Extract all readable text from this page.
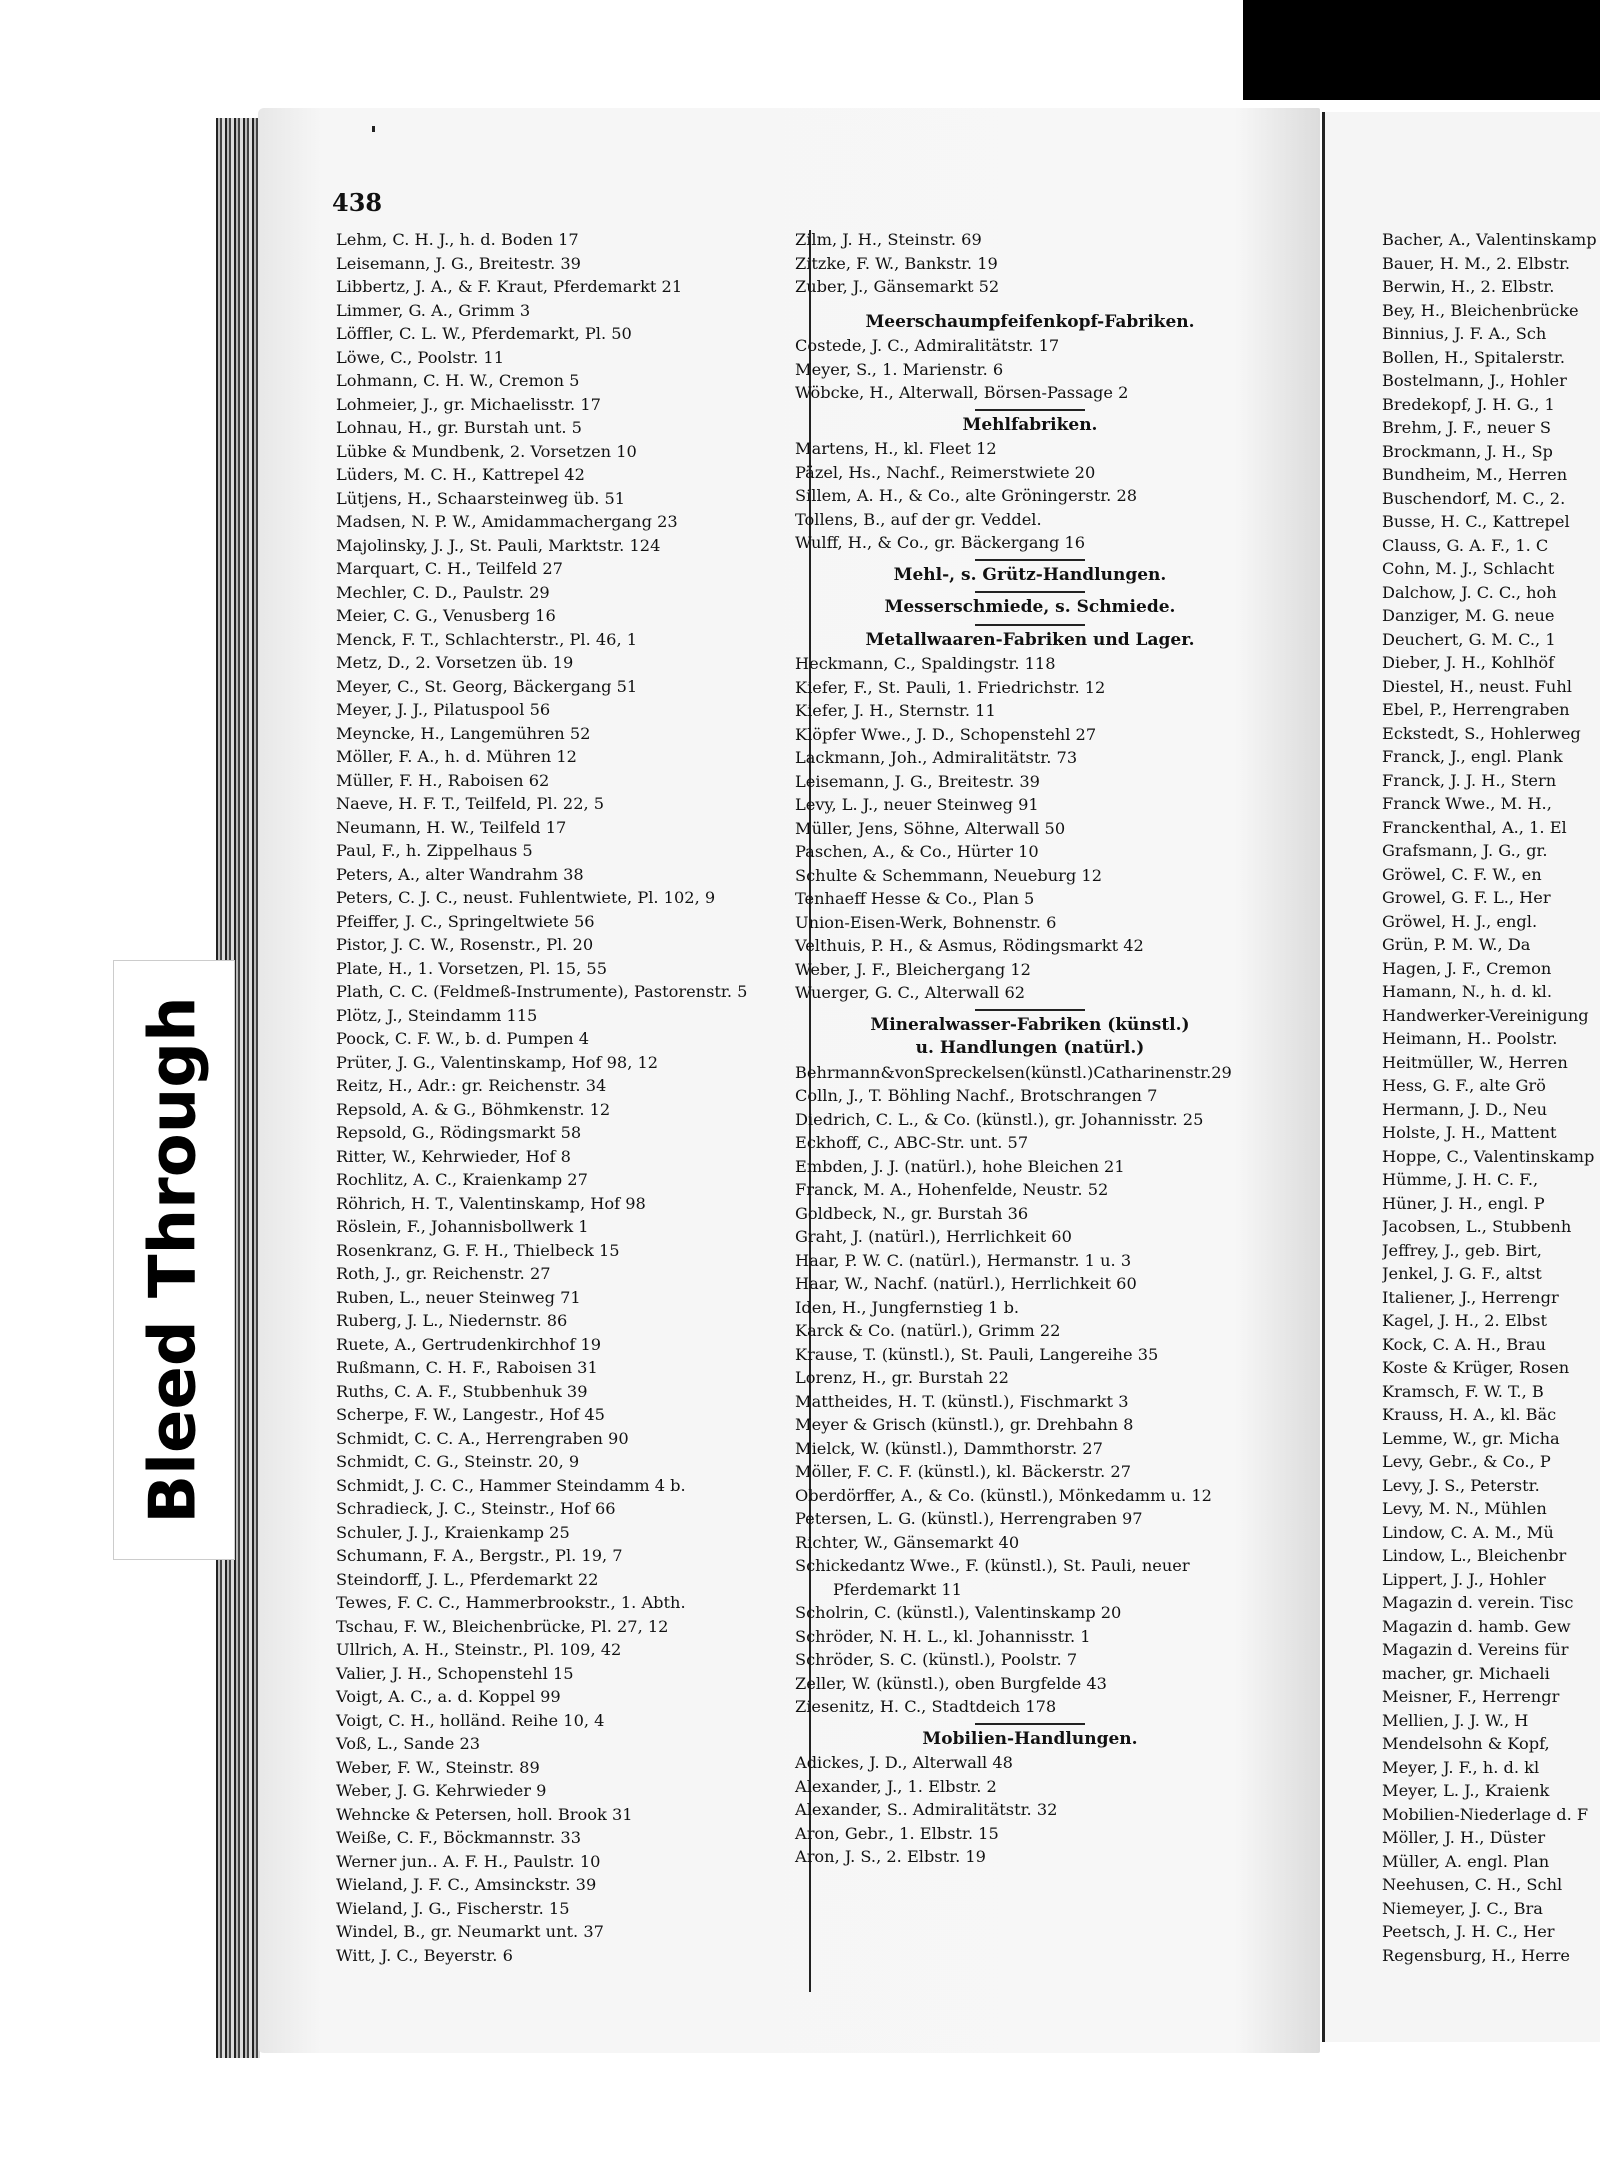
438
Lehm, C. H. J., h. d. Boden 17
Leisemann, J. G., Breitestr. 39
Libbertz, J. A., & F. Kraut, Pferdemarkt 21
Limmer, G. A., Grimm 3
Löffler, C. L. W., Pferdemarkt, Pl. 50
Löwe, C., Poolstr. 11
Lohmann, C. H. W., Cremon 5
Lohmeier, J., gr. Michaelisstr. 17
Lohnau, H., gr. Burstah unt. 5
Lübke & Mundbenk, 2. Vorsetzen 10
Lüders, M. C. H., Kattrepel 42
Lütjens, H., Schaarsteinweg üb. 51
Madsen, N. P. W., Amidammachergang 23
Majolinsky, J. J., St. Pauli, Marktstr. 124
Marquart, C. H., Teilfeld 27
Mechler, C. D., Paulstr. 29
Meier, C. G., Venusberg 16
Menck, F. T., Schlachterstr., Pl. 46, 1
Metz, D., 2. Vorsetzen üb. 19
Meyer, C., St. Georg, Bäckergang 51
Meyer, J. J., Pilatuspool 56
Meyncke, H., Langemühren 52
Möller, F. A., h. d. Mühren 12
Müller, F. H., Raboisen 62
Naeve, H. F. T., Teilfeld, Pl. 22, 5
Neumann, H. W., Teilfeld 17
Paul, F., h. Zippelhaus 5
Peters, A., alter Wandrahm 38
Peters, C. J. C., neust. Fuhlentwiete, Pl. 102, 9
Pfeiffer, J. C., Springeltwiete 56
Pistor, J. C. W., Rosenstr., Pl. 20
Plate, H., 1. Vorsetzen, Pl. 15, 55
Plath, C. C. (Feldmeß-Instrumente), Pastorenstr. 5
Plötz, J., Steindamm 115
Poock, C. F. W., b. d. Pumpen 4
Prüter, J. G., Valentinskamp, Hof 98, 12
Reitz, H., Adr.: gr. Reichenstr. 34
Repsold, A. & G., Böhmkenstr. 12
Repsold, G., Rödingsmarkt 58
Ritter, W., Kehrwieder, Hof 8
Rochlitz, A. C., Kraienkamp 27
Röhrich, H. T., Valentinskamp, Hof 98
Röslein, F., Johannisbollwerk 1
Rosenkranz, G. F. H., Thielbeck 15
Roth, J., gr. Reichenstr. 27
Ruben, L., neuer Steinweg 71
Ruberg, J. L., Niedernstr. 86
Ruete, A., Gertrudenkirchhof 19
Rußmann, C. H. F., Raboisen 31
Ruths, C. A. F., Stubbenhuk 39
Scherpe, F. W., Langestr., Hof 45
Schmidt, C. C. A., Herrengraben 90
Schmidt, C. G., Steinstr. 20, 9
Schmidt, J. C. C., Hammer Steindamm 4 b.
Schradieck, J. C., Steinstr., Hof 66
Schuler, J. J., Kraienkamp 25
Schumann, F. A., Bergstr., Pl. 19, 7
Steindorff, J. L., Pferdemarkt 22
Tewes, F. C. C., Hammerbrookstr., 1. Abth.
Tschau, F. W., Bleichenbrücke, Pl. 27, 12
Ullrich, A. H., Steinstr., Pl. 109, 42
Valier, J. H., Schopenstehl 15
Voigt, A. C., a. d. Koppel 99
Voigt, C. H., holländ. Reihe 10, 4
Voß, L., Sande 23
Weber, F. W., Steinstr. 89
Weber, J. G. Kehrwieder 9
Wehncke & Petersen, holl. Brook 31
Weiße, C. F., Böckmannstr. 33
Werner jun.. A. F. H., Paulstr. 10
Wieland, J. F. C., Amsinckstr. 39
Wieland, J. G., Fischerstr. 15
Windel, B., gr. Neumarkt unt. 37
Witt, J. C., Beyerstr. 6
Zilm, J. H., Steinstr. 69
Zitzke, F. W., Bankstr. 19
Zuber, J., Gänsemarkt 52
Meerschaumpfeifenkopf-Fabriken.
Costede, J. C., Admiralitätstr. 17
Meyer, S., 1. Marienstr. 6
Wöbcke, H., Alterwall, Börsen-Passage 2
Mehlfabriken.
Martens, H., kl. Fleet 12
Päzel, Hs., Nachf., Reimerstwiete 20
Sillem, A. H., & Co., alte Gröningerstr. 28
Tollens, B., auf der gr. Veddel.
Wulff, H., & Co., gr. Bäckergang 16
Mehl-, s. Grütz-Handlungen.
Messerschmiede, s. Schmiede.
Metallwaaren-Fabriken und Lager.
Heckmann, C., Spaldingstr. 118
Kiefer, F., St. Pauli, 1. Friedrichstr. 12
Kiefer, J. H., Sternstr. 11
Klöpfer Wwe., J. D., Schopenstehl 27
Lackmann, Joh., Admiralitätstr. 73
Leisemann, J. G., Breitestr. 39
Levy, L. J., neuer Steinweg 91
Müller, Jens, Söhne, Alterwall 50
Paschen, A., & Co., Hürter 10
Schulte & Schemmann, Neueburg 12
Tenhaeff Hesse & Co., Plan 5
Union-Eisen-Werk, Bohnenstr. 6
Velthuis, P. H., & Asmus, Rödingsmarkt 42
Weber, J. F., Bleichergang 12
Wuerger, G. C., Alterwall 62
Mineralwasser-Fabriken (künstl.)
u. Handlungen (natürl.)
Behrmann&vonSpreckelsen(künstl.)Catharinenstr.29
Colln, J., T. Böhling Nachf., Brotschrangen 7
Diedrich, C. L., & Co. (künstl.), gr. Johannisstr. 25
Eckhoff, C., ABC-Str. unt. 57
Embden, J. J. (natürl.), hohe Bleichen 21
Franck, M. A., Hohenfelde, Neustr. 52
Goldbeck, N., gr. Burstah 36
Graht, J. (natürl.), Herrlichkeit 60
Haar, P. W. C. (natürl.), Hermanstr. 1 u. 3
Haar, W., Nachf. (natürl.), Herrlichkeit 60
Iden, H., Jungfernstieg 1 b.
Karck & Co. (natürl.), Grimm 22
Krause, T. (künstl.), St. Pauli, Langereihe 35
Lorenz, H., gr. Burstah 22
Mattheides, H. T. (künstl.), Fischmarkt 3
Meyer & Grisch (künstl.), gr. Drehbahn 8
Mielck, W. (künstl.), Dammthorstr. 27
Möller, F. C. F. (künstl.), kl. Bäckerstr. 27
Oberdörffer, A., & Co. (künstl.), Mönkedamm u. 12
Petersen, L. G. (künstl.), Herrengraben 97
Richter, W., Gänsemarkt 40
Schickedantz Wwe., F. (künstl.), St. Pauli, neuer
Pferdemarkt 11
Scholrin, C. (künstl.), Valentinskamp 20
Schröder, N. H. L., kl. Johannisstr. 1
Schröder, S. C. (künstl.), Poolstr. 7
Zeller, W. (künstl.), oben Burgfelde 43
Ziesenitz, H. C., Stadtdeich 178
Mobilien-Handlungen.
Adickes, J. D., Alterwall 48
Alexander, J., 1. Elbstr. 2
Alexander, S.. Admiralitätstr. 32
Aron, Gebr., 1. Elbstr. 15
Aron, J. S., 2. Elbstr. 19
Bacher, A., Valentinskamp
Bauer, H. M., 2. Elbstr.
Berwin, H., 2. Elbstr.
Bey, H., Bleichenbrücke
Binnius, J. F. A., Sch
Bollen, H., Spitalerstr.
Bostelmann, J., Hohler
Bredekopf, J. H. G., 1
Brehm, J. F., neuer S
Brockmann, J. H., Sp
Bundheim, M., Herren
Buschendorf, M. C., 2.
Busse, H. C., Kattrepel
Clauss, G. A. F., 1. C
Cohn, M. J., Schlacht
Dalchow, J. C. C., hoh
Danziger, M. G. neue
Deuchert, G. M. C., 1
Dieber, J. H., Kohlhöf
Diestel, H., neust. Fuhl
Ebel, P., Herrengraben
Eckstedt, S., Hohlerweg
Franck, J., engl. Plank
Franck, J. J. H., Stern
Franck Wwe., M. H.,
Franckenthal, A., 1. El
Grafsmann, J. G., gr.
Gröwel, C. F. W., en
Growel, G. F. L., Her
Gröwel, H. J., engl.
Grün, P. M. W., Da
Hagen, J. F., Cremon
Hamann, N., h. d. kl.
Handwerker-Vereinigung
Heimann, H.. Poolstr.
Heitmüller, W., Herren
Hess, G. F., alte Grö
Hermann, J. D., Neu
Holste, J. H., Mattent
Hoppe, C., Valentinskamp
Hümme, J. H. C. F.,
Hüner, J. H., engl. P
Jacobsen, L., Stubbenh
Jeffrey, J., geb. Birt,
Jenkel, J. G. F., altst
Italiener, J., Herrengr
Kagel, J. H., 2. Elbst
Kock, C. A. H., Brau
Koste & Krüger, Rosen
Kramsch, F. W. T., B
Krauss, H. A., kl. Bäc
Lemme, W., gr. Micha
Levy, Gebr., & Co., P
Levy, J. S., Peterstr.
Levy, M. N., Mühlen
Lindow, C. A. M., Mü
Lindow, L., Bleichenbr
Lippert, J. J., Hohler
Magazin d. verein. Tisc
Magazin d. hamb. Gew
Magazin d. Vereins für
macher, gr. Michaeli
Meisner, F., Herrengr
Mellien, J. J. W., H
Mendelsohn & Kopf,
Meyer, J. F., h. d. kl
Meyer, L. J., Kraienk
Mobilien-Niederlage d. F
Möller, J. H., Düster
Müller, A. engl. Plan
Neehusen, C. H., Schl
Niemeyer, J. C., Bra
Peetsch, J. H. C., Her
Regensburg, H., Herre
Bleed Through
